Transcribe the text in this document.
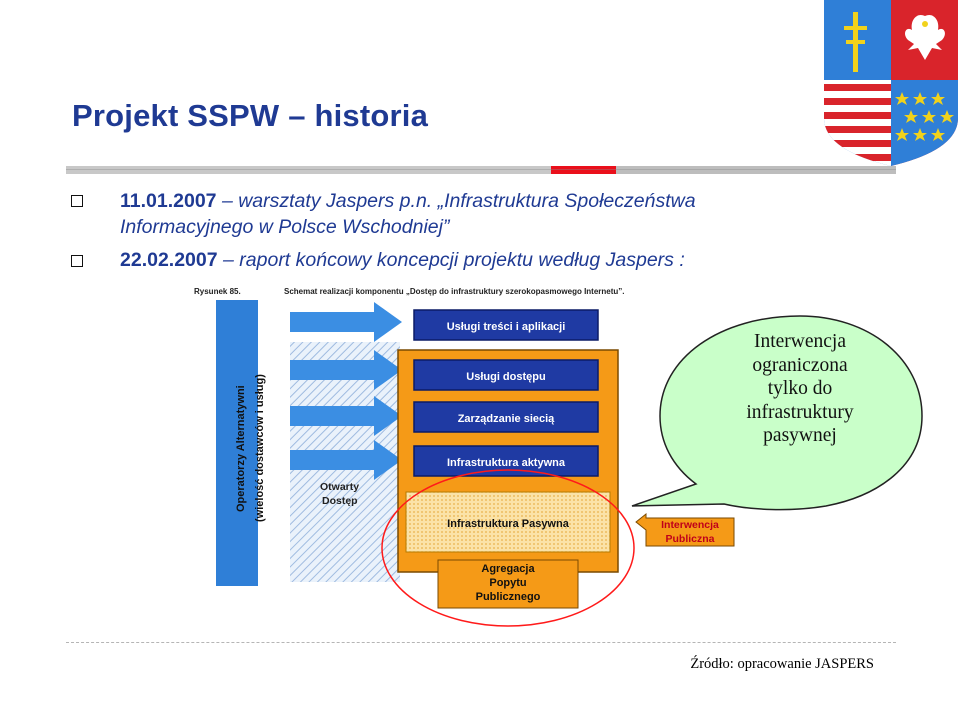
Projekt SSPW – historia
11.01.2007 – warsztaty Jaspers p.n. „Infrastruktura Społeczeństwa
Informacyjnego w Polsce Wschodniej”
22.02.2007 – raport końcowy koncepcji projektu według Jaspers :
Rysunek 85.	Schemat realizacji komponentu „Dostęp do infrastruktury szerokopasmowego Internetu”.
Operatorzy Alternatywni (wielość dostawców i usług)	Otwarty
Dostęp
Usługi treści i aplikacji
Usługi dostępu
Zarządzanie siecią
Infrastruktura aktywna
Infrastruktura Pasywna
Agregacja
Popytu
Publicznego
Interwencja
Publiczna
Interwencja
ograniczona
tylko do
infrastruktury
pasywnej
Źródło: opracowanie JASPERS
